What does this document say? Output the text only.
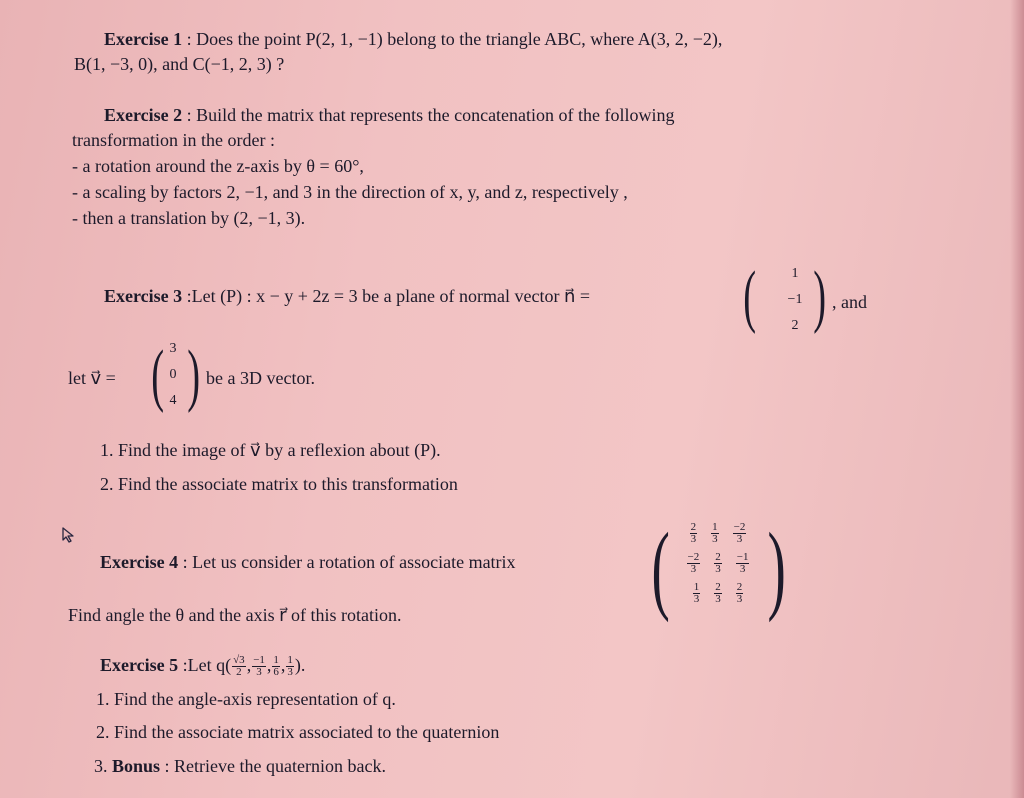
Exercise 1 : Does the point P(2, 1, −1) belong to the triangle ABC, where A(3, 2, −2),
B(1, −3, 0), and C(−1, 2, 3) ?
Exercise 2 : Build the matrix that represents the concatenation of the following
transformation in the order :
- a rotation around the z-axis by θ = 60°,
- a scaling by factors 2, −1, and 3 in the direction of x, y, and z, respectively ,
- then a translation by (2, −1, 3).
Exercise 3 :Let (P) : x − y + 2z = 3 be a plane of normal vector n⃗ = (	1
−1
2 ) , and
let v⃗ = ( 3
0
4 ) be a 3D vector.
1. Find the image of v⃗ by a reflexion about (P).
2. Find the associate matrix to this transformation
Exercise 4 : Let us consider a rotation of associate matrix ( $\frac{2}{3} \frac{1}{3} \frac{-2}{3}$
$\frac{-2}{3} \frac{2}{3} \frac{-1}{3}$
$\frac{1}{3} \frac{2}{3} \frac{2}{3}$ )
Find angle the θ and the axis r⃗ of this rotation.
Exercise 5 :Let $q( \frac{√3}{2}$ , $\frac{-1}{3}$ , $\frac{1}{6}$ , $\frac{1}{3}$ ).
1. Find the angle-axis representation of q.
2. Find the associate matrix associated to the quaternion
3. Bonus : Retrieve the quaternion back.
